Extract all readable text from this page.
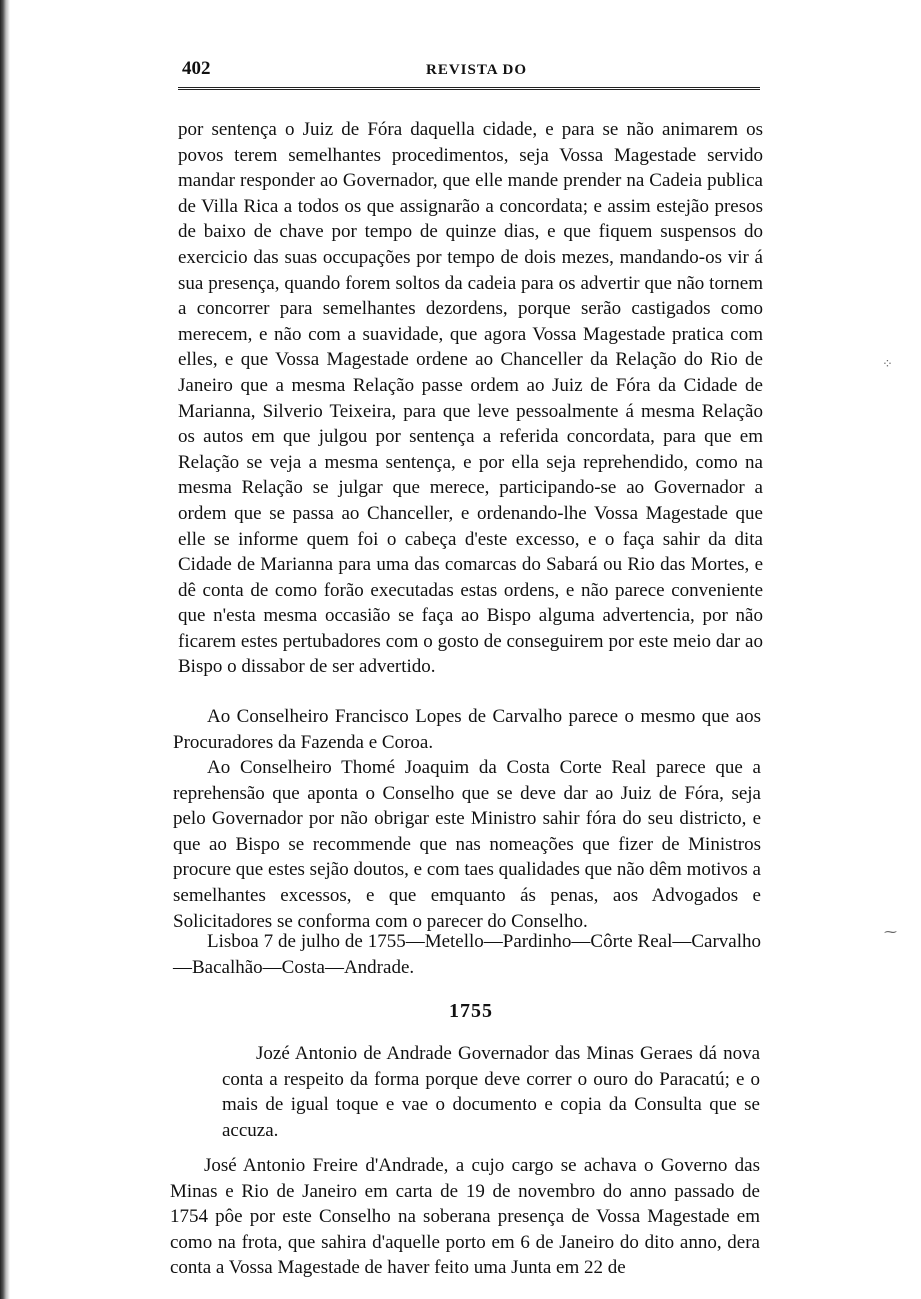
402	REVISTA DO
por sentença o Juiz de Fóra daquella cidade, e para se não animarem os povos terem semelhantes procedimentos, seja Vossa Magestade servido mandar responder ao Governador, que elle mande prender na Cadeia publica de Villa Rica a todos os que assignarão a concordata; e assim estejão presos de baixo de chave por tempo de quinze dias, e que fiquem suspensos do exercicio das suas occupações por tempo de dois mezes, mandando-os vir á sua presença, quando forem soltos da cadeia para os advertir que não tornem a concorrer para semelhantes dezordens, porque serão castigados como merecem, e não com a suavidade, que agora Vossa Magestade pratica com elles, e que Vossa Magestade ordene ao Chanceller da Relação do Rio de Janeiro que a mesma Relação passe ordem ao Juiz de Fóra da Cidade de Marianna, Silverio Teixeira, para que leve pessoalmente á mesma Relação os autos em que julgou por sentença a referida concordata, para que em Relação se veja a mesma sentença, e por ella seja reprehendido, como na mesma Relação se julgar que merece, participando-se ao Governador a ordem que se passa ao Chanceller, e ordenando-lhe Vossa Magestade que elle se informe quem foi o cabeça d'este excesso, e o faça sahir da dita Cidade de Marianna para uma das comarcas do Sabará ou Rio das Mortes, e dê conta de como forão executadas estas ordens, e não parece conveniente que n'esta mesma occasião se faça ao Bispo alguma advertencia, por não ficarem estes pertubadores com o gosto de conseguirem por este meio dar ao Bispo o dissabor de ser advertido.
Ao Conselheiro Francisco Lopes de Carvalho parece o mesmo que aos Procuradores da Fazenda e Coroa.
Ao Conselheiro Thomé Joaquim da Costa Corte Real parece que a reprehensão que aponta o Conselho que se deve dar ao Juiz de Fóra, seja pelo Governador por não obrigar este Ministro sahir fóra do seu districto, e que ao Bispo se recommende que nas nomeações que fizer de Ministros procure que estes sejão doutos, e com taes qualidades que não dêm motivos a semelhantes excessos, e que emquanto ás penas, aos Advogados e Solicitadores se conforma com o parecer do Conselho.
Lisboa 7 de julho de 1755—Metello—Pardinho—Côrte Real—Carvalho—Bacalhão—Costa—Andrade.
1755
Jozé Antonio de Andrade Governador das Minas Geraes dá nova conta a respeito da forma porque deve correr o ouro do Paracatú; e o mais de igual toque e vae o documento e copia da Consulta que se accuza.
José Antonio Freire d'Andrade, a cujo cargo se achava o Governo das Minas e Rio de Janeiro em carta de 19 de novembro do anno passado de 1754 pôe por este Conselho na soberana presença de Vossa Magestade em como na frota, que sahira d'aquelle porto em 6 de Janeiro do dito anno, dera conta a Vossa Magestade de haver feito uma Junta em 22 de
⁘
⁓
